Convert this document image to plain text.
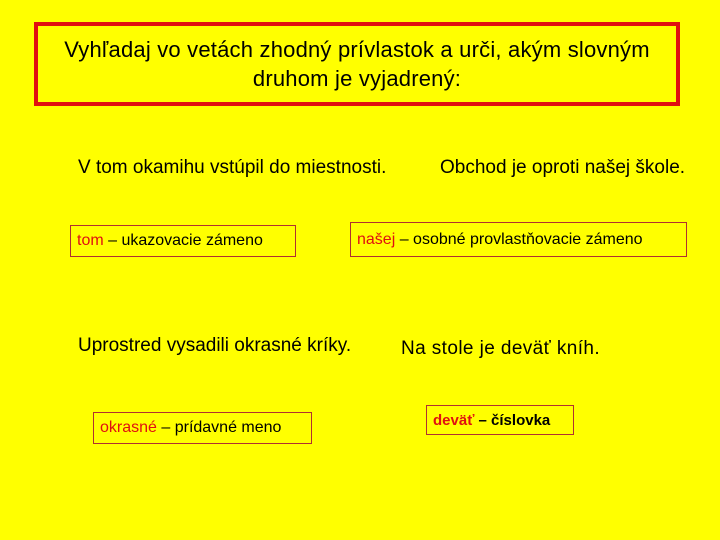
Vyhľadaj vo vetách zhodný prívlastok a urči, akým slovným druhom je vyjadrený:
V tom okamihu vstúpil do miestnosti.
tom – ukazovacie zámeno
Obchod je oproti našej škole.
našej – osobné provlastňovacie zámeno
Uprostred vysadili okrasné kríky.
okrasné – prídavné meno
Na stole je deväť kníh.
deväť – číslovka
